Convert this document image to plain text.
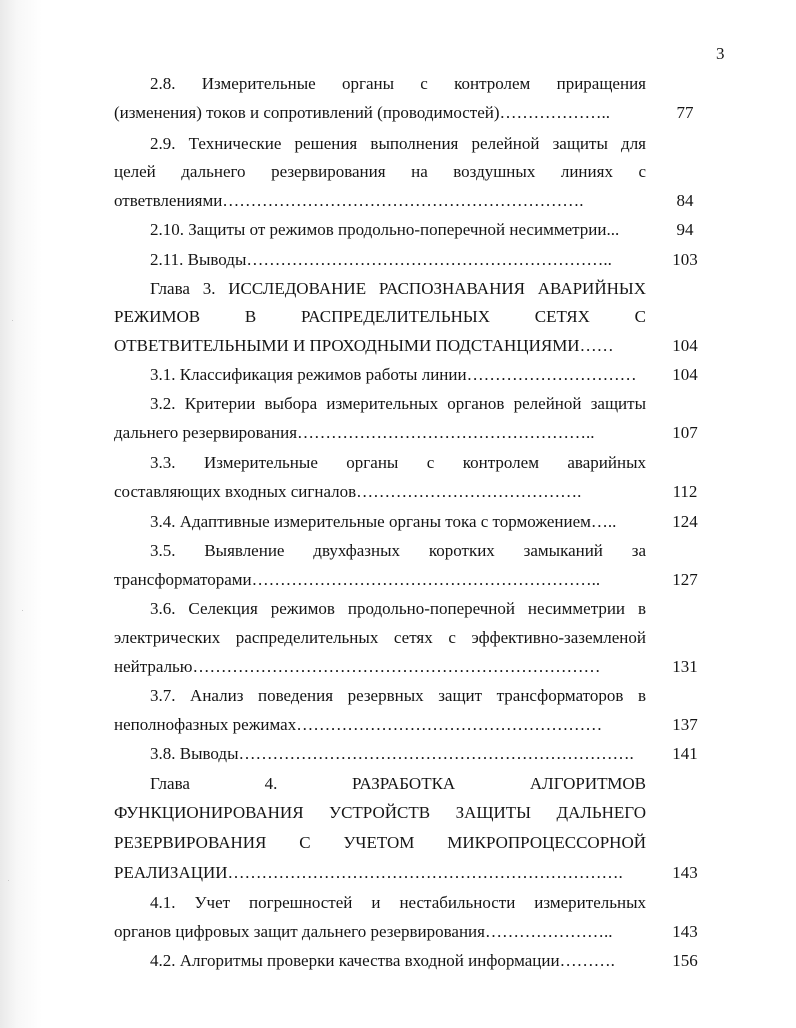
3
2.8. Измерительные органы с контролем приращения
(изменения) токов и сопротивлений (проводимостей)………………..	77
2.9. Технические решения выполнения релейной защиты для
целей дальнего резервирования на воздушных линиях с
ответвлениями……………………………………………………….	84
2.10. Защиты от режимов продольно-поперечной несимметрии...	94
2.11. Выводы………………………………………………………..	103
Глава 3. ИССЛЕДОВАНИЕ РАСПОЗНАВАНИЯ АВАРИЙНЫХ
РЕЖИМОВ В РАСПРЕДЕЛИТЕЛЬНЫХ СЕТЯХ С
ОТВЕТВИТЕЛЬНЫМИ И ПРОХОДНЫМИ ПОДСТАНЦИЯМИ……	104
3.1. Классификация режимов работы линии…………………………	104
3.2. Критерии выбора измерительных органов релейной защиты
дальнего резервирования……………………………………………..	107
3.3. Измерительные органы с контролем аварийных
составляющих входных сигналов………………………………….	112
3.4. Адаптивные измерительные органы тока с торможением…..	124
3.5. Выявление двухфазных коротких замыканий за
трансформаторами……………………………………………………..	127
3.6. Селекция режимов продольно-поперечной несимметрии в
электрических распределительных сетях с эффективно-заземленой
нейтралью………………………………………………………………	131
3.7. Анализ поведения резервных защит трансформаторов в
неполнофазных режимах………………………………………………	137
3.8. Выводы…………………………………………………………….	141
Глава 4. РАЗРАБОТКА АЛГОРИТМОВ
ФУНКЦИОНИРОВАНИЯ УСТРОЙСТВ ЗАЩИТЫ ДАЛЬНЕГО
РЕЗЕРВИРОВАНИЯ С УЧЕТОМ МИКРОПРОЦЕССОРНОЙ
РЕАЛИЗАЦИИ…………………………………………………………….	143
4.1. Учет погрешностей и нестабильности измерительных
органов цифровых защит дальнего резервирования…………………..	143
4.2. Алгоритмы проверки качества входной информации……….	156
